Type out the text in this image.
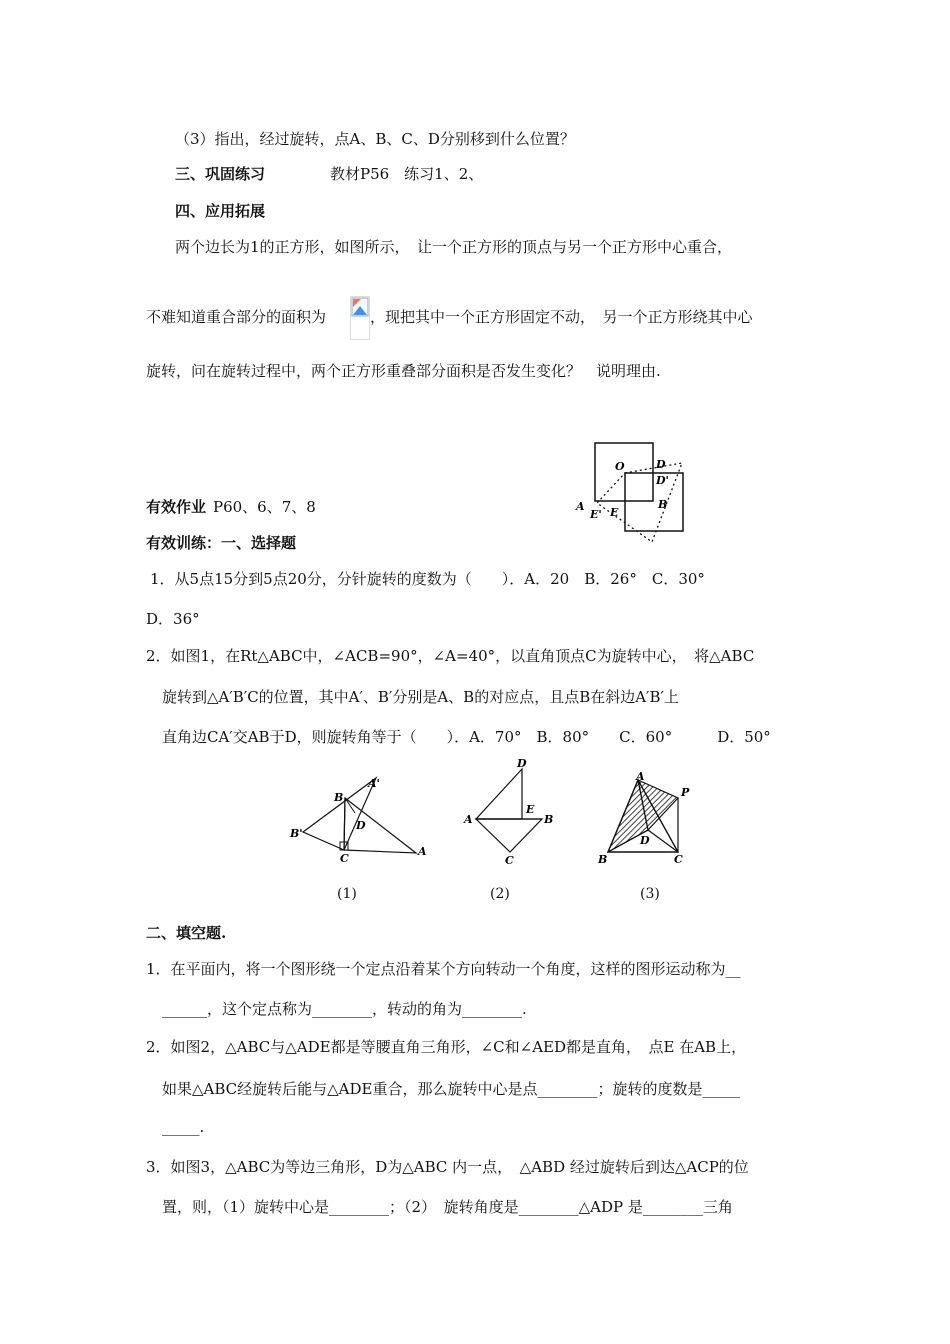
（3）指出，经过旋转，点A、B、C、D分别移到什么位置？
三、巩固练习	教材P56　练习1、2、
四、应用拓展
两个边长为1的正方形，如图所示，　让一个正方形的顶点与另一个正方形中心重合，
不难知道重合部分的面积为	，现把其中一个正方形固定不动，　另一个正方形绕其中心
旋转，问在旋转过程中，两个正方形重叠部分面积是否发生变化？　说明理由.
O	D
D'
A
E' E
B
有效作业 P60、6、7、8
有效训练：一、选择题
1．从5点15分到5点20分，分针旋转的度数为（　　）．A．20　B．26°　C．30°
D．36°
2．如图1，在Rt△ABC中，∠ACB=90°，∠A=40°，以直角顶点C为旋转中心，　将△ABC
旋转到△A′B′C的位置，其中A′、B′分别是A、B的对应点，且点B在斜边A′B′上
直角边CA′交AB于D，则旋转角等于（　　）．A．70°　B．80°　　C．60°　　　D．50°
A'
B
D
B'
C
A
D
E
A	B
C
A
P
D
B	C
(1)	(2)	(3)
二、填空题.
1．在平面内，将一个图形绕一个定点沿着某个方向转动一个角度，这样的图形运动称为__
______，这个定点称为________，转动的角为________.
2．如图2，△ABC与△ADE都是等腰直角三角形，∠C和∠AED都是直角，　点E 在AB上，
如果△ABC经旋转后能与△ADE重合，那么旋转中心是点________；旋转的度数是_____
_____.
3．如图3，△ABC为等边三角形，D为△ABC 内一点，　△ABD 经过旋转后到达△ACP的位
置，则，（1）旋转中心是________；（2）　旋转角度是________△ADP 是________三角
